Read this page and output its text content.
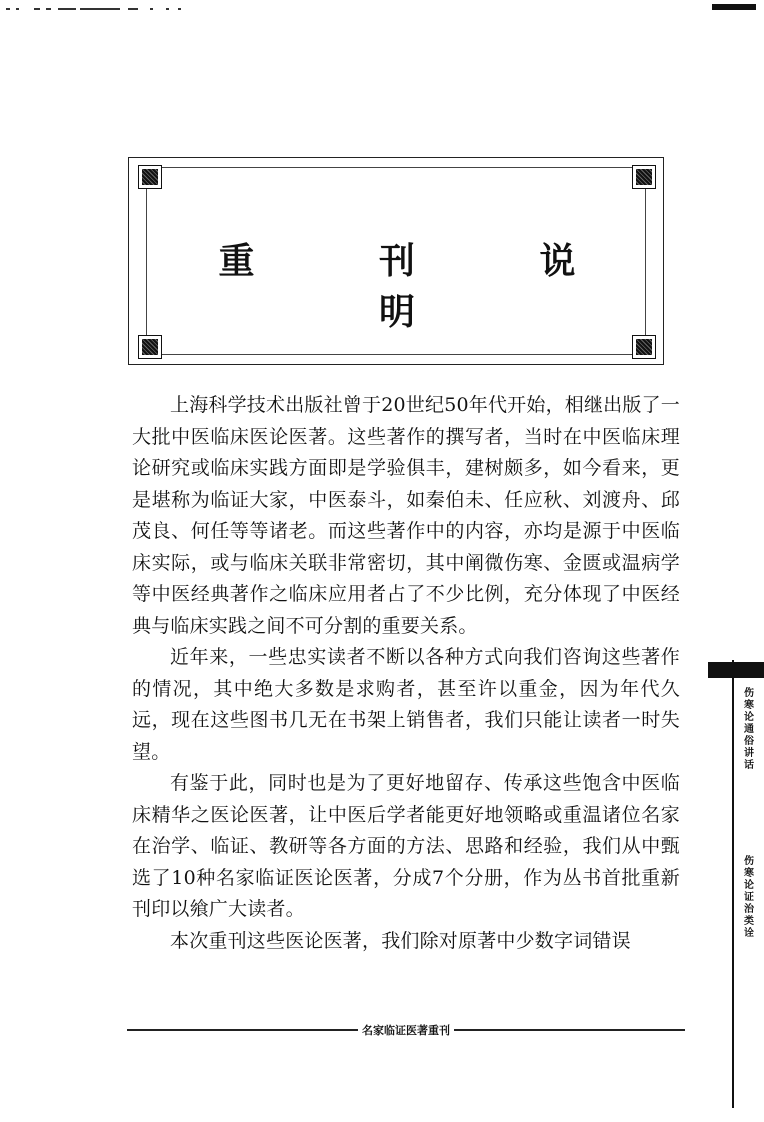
重 刊 说 明

上海科学技术出版社曾于20世纪50年代开始，相继出版了一大批中医临床医论医著。这些著作的撰写者，当时在中医临床理论研究或临床实践方面即是学验俱丰，建树颇多，如今看来，更是堪称为临证大家，中医泰斗，如秦伯未、任应秋、刘渡舟、邱茂良、何任等等诸老。而这些著作中的内容，亦均是源于中医临床实际，或与临床关联非常密切，其中阐微伤寒、金匮或温病学等中医经典著作之临床应用者占了不少比例，充分体现了中医经典与临床实践之间不可分割的重要关系。

近年来，一些忠实读者不断以各种方式向我们咨询这些著作的情况，其中绝大多数是求购者，甚至许以重金，因为年代久远，现在这些图书几无在书架上销售者，我们只能让读者一时失望。

有鉴于此，同时也是为了更好地留存、传承这些饱含中医临床精华之医论医著，让中医后学者能更好地领略或重温诸位名家在治学、临证、教研等各方面的方法、思路和经验，我们从中甄选了10种名家临证医论医著，分成7个分册，作为丛书首批重新刊印以飨广大读者。

本次重刊这些医论医著，我们除对原著中少数字词错误

名家临证医著重刊
伤
寒
论
通
俗
讲
话
伤
寒
论
证
治
类
诠
